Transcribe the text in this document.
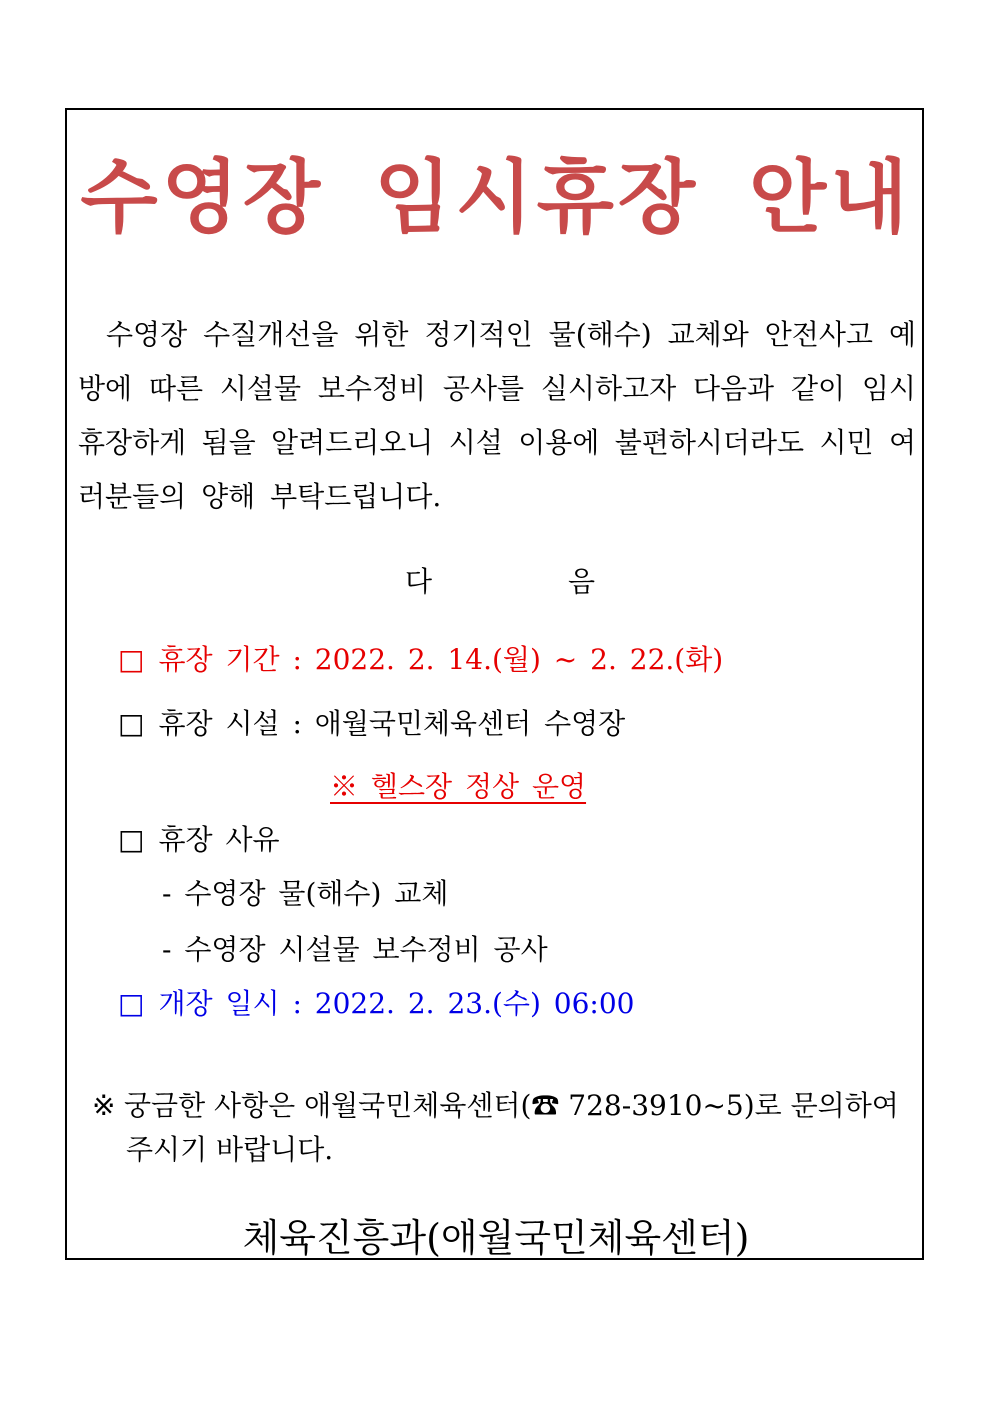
수영장 임시휴장 안내
수영장 수질개선을 위한 정기적인 물(해수) 교체와 안전사고 예방에 따른 시설물 보수정비 공사를 실시하고자 다음과 같이 임시 휴장하게 됨을 알려드리오니 시설 이용에 불편하시더라도 시민 여러분들의 양해 부탁드립니다.
다	음
□ 휴장 기간 : 2022. 2. 14.(월) ~ 2. 22.(화)
□ 휴장 시설 : 애월국민체육센터 수영장
※ 헬스장 정상 운영
□ 휴장 사유
- 수영장 물(해수) 교체
- 수영장 시설물 보수정비 공사
□ 개장 일시 : 2022. 2. 23.(수) 06:00
※ 궁금한 사항은 애월국민체육센터(☎ 728-3910~5)로 문의하여
주시기 바랍니다.
체육진흥과(애월국민체육센터)
